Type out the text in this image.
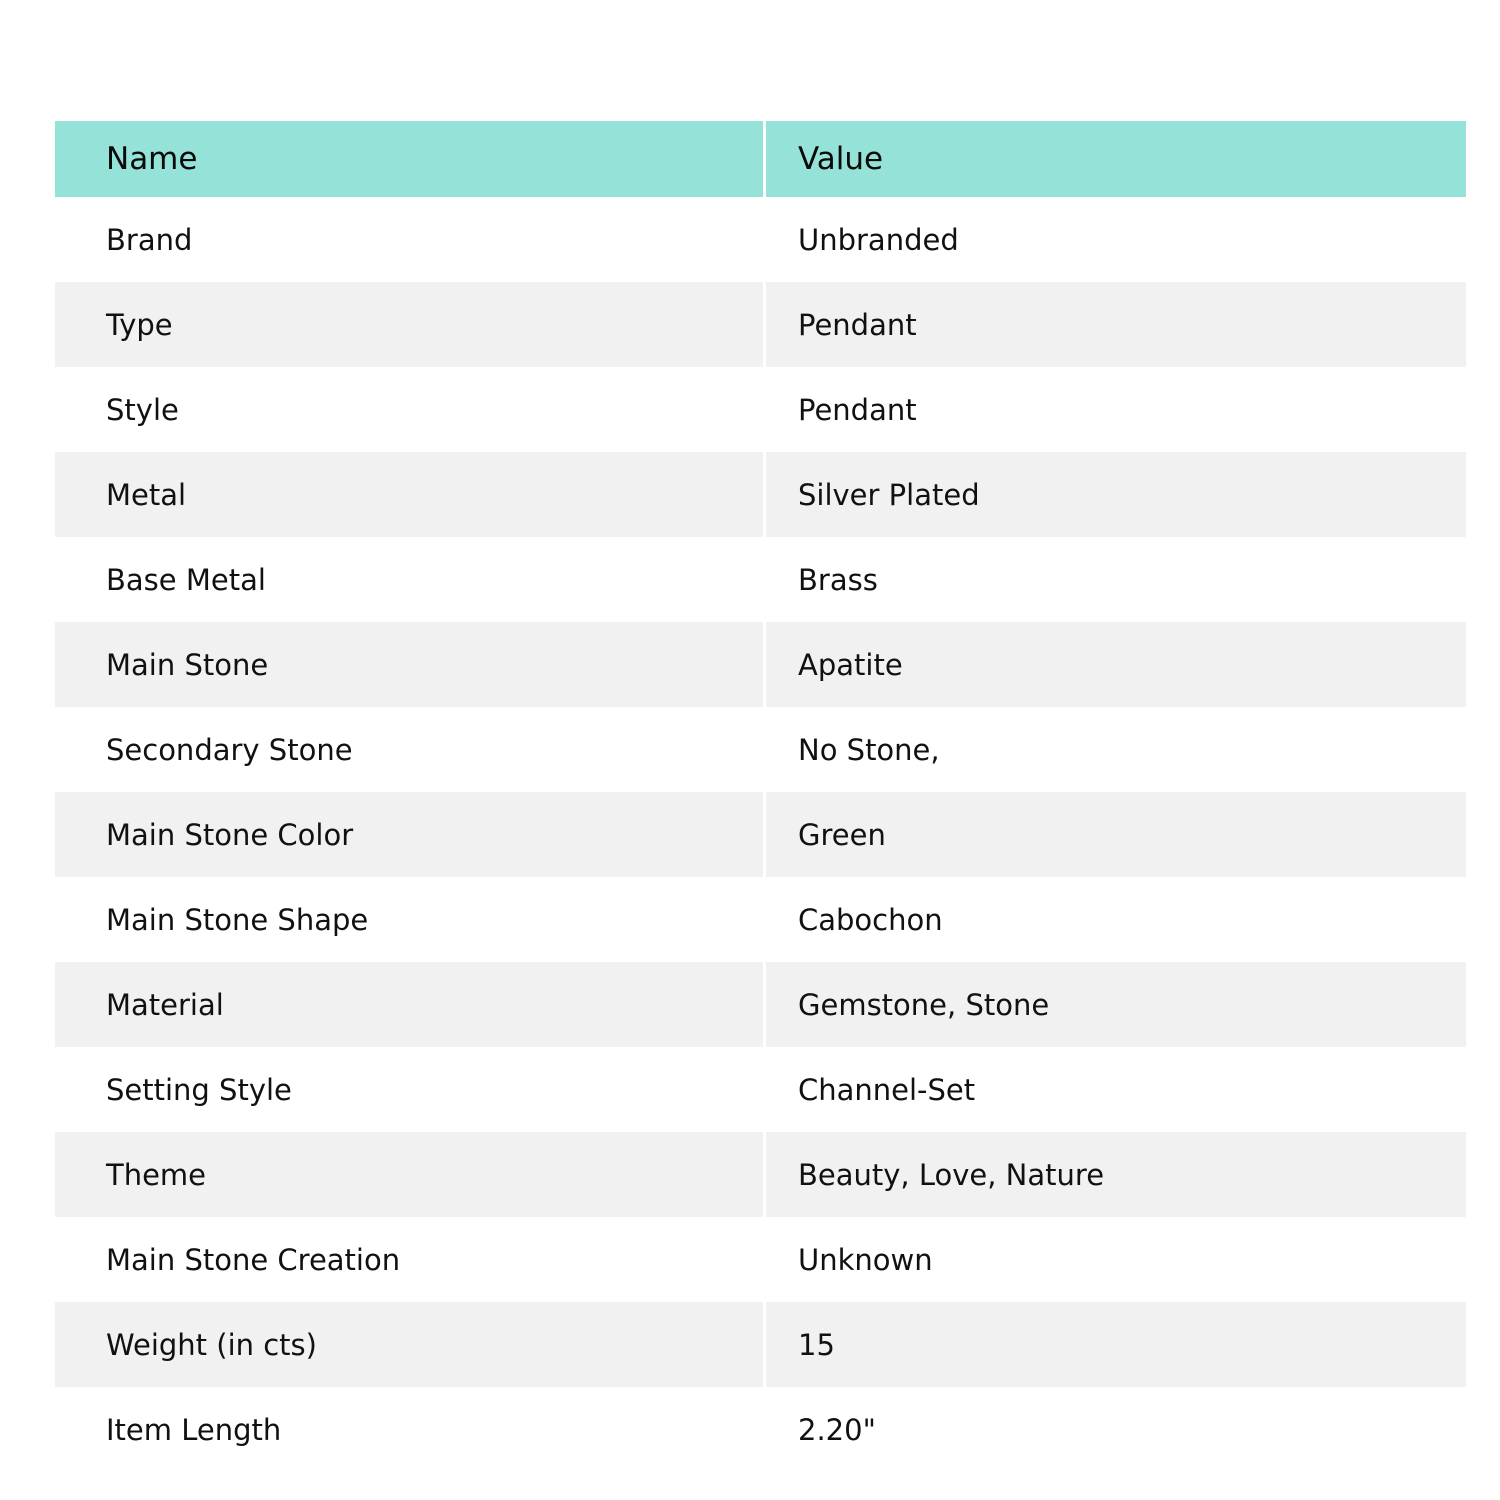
Name	Value
Brand	Unbranded
Type	Pendant
Style	Pendant
Metal	Silver Plated
Base Metal	Brass
Main Stone	Apatite
Secondary Stone	No Stone,
Main Stone Color	Green
Main Stone Shape	Cabochon
Material	Gemstone, Stone
Setting Style	Channel-Set
Theme	Beauty, Love, Nature
Main Stone Creation	Unknown
Weight (in cts)	15
Item Length	2.20"
